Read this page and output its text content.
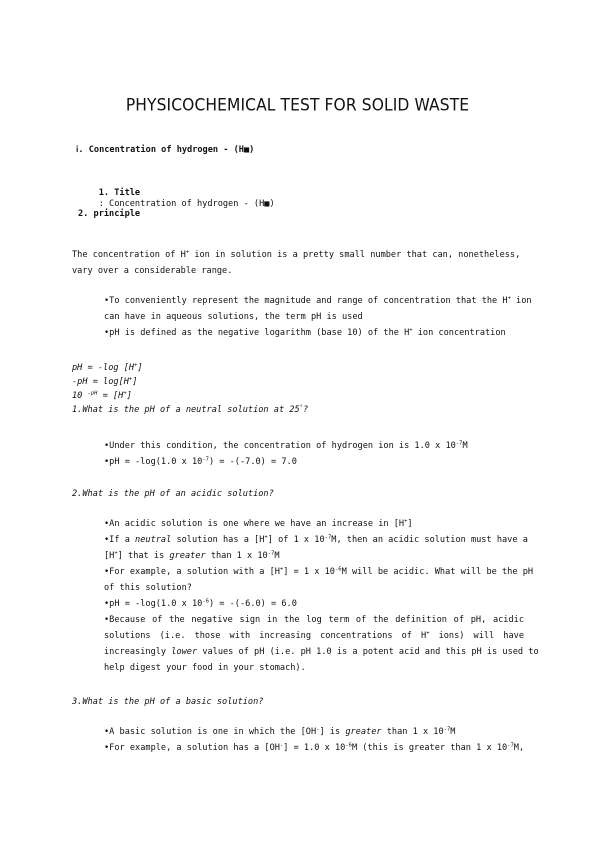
PHYSICOCHEMICAL TEST FOR SOLID WASTE
ⅰ. Concentration of hydrogen - (H■)

1. Title
: Concentration of hydrogen - (H■)

2. principle
The concentration of H+ ion in solution is a pretty small number that can, nonetheless,
vary over a considerable range.
•To conveniently represent the magnitude and range of concentration that the H+ ion
can have in aqueous solutions, the term pH is used
•pH is defined as the negative logarithm (base 10) of the H+ ion concentration
pH = -log [H+]
-pH = log[H+]
10 $^{-pH}$ = [H+]
1.What is the pH of a neutral solution at 25°?
•Under this condition, the concentration of hydrogen ion is 1.0 x $10^{-7}M$
•pH = -log(1.0 x $10^{-7}) = -(-7.0) = 7.0$
2.What is the pH of an acidic solution?
•An acidic solution is one where we have an increase in [H+]
•If a neutral solution has a [H+] of 1 x $10^{-7}M$, then an acidic solution must have a
[H+] that is greater than 1 x $10^{-7}M$
•For example, a solution with a [H+] = 1 x $10^{-6}M$ will be acidic. What will be the pH
of this solution?
•pH = -log(1.0 x $10^{-6}) = -(-6.0) = 6.0$
•Because of the negative sign in the log term of the definition of pH, acidic
solutions (i.e. those with increasing concentrations of H+ ions) will have
increasingly lower values of pH (i.e. pH 1.0 is a potent acid and this pH is used to
help digest your food in your stomach).
3.What is the pH of a basic solution?
•A basic solution is one in which the [OH-] is greater than 1 x $10^{-7}M$
•For example, a solution has a [OH-] = 1.0 x $10^{-6}M$ (this is greater than 1 x $10^{-7}M$,
